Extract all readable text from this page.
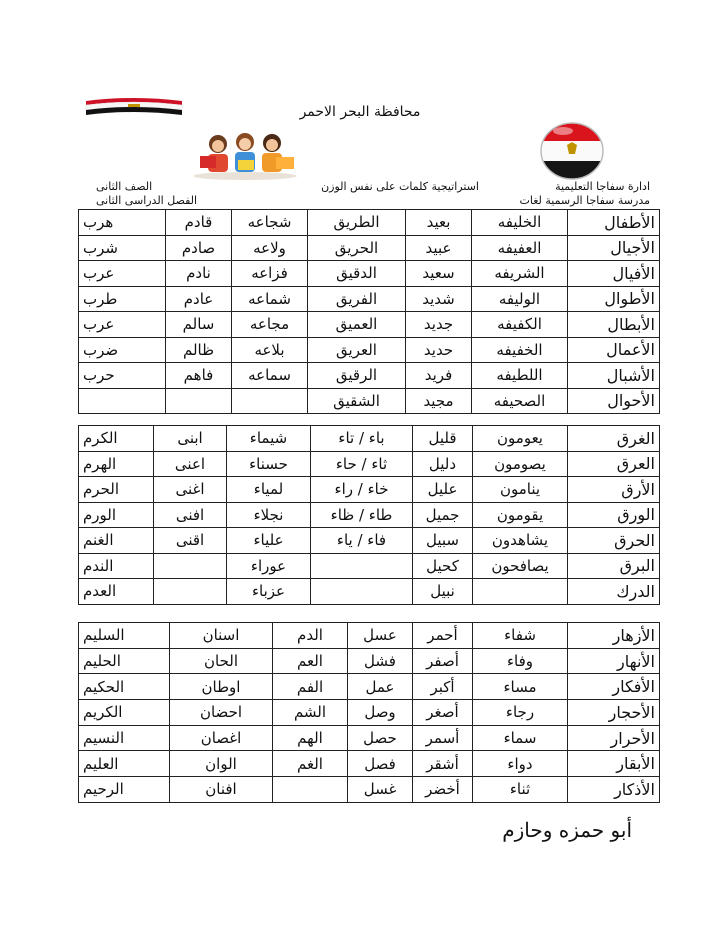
محافظة البحر الاحمر
ادارة سفاجا التعليمية
مدرسة سفاجا الرسمية لغات
استراتيجية كلمات على نفس الوزن
الصف الثانى
الفصل الدراسى الثانى
الأطفال	الخليفه	بعيد	الطريق	شجاعه	قادم	هرب
الأجيال	العفيفه	عبيد	الحريق	ولاعه	صادم	شرب
الأفيال	الشريفه	سعيد	الدقيق	فزاعه	نادم	عرب
الأطوال	الوليفه	شديد	الفريق	شماعه	عادم	طرب
الأبطال	الكفيفه	جديد	العميق	مجاعه	سالم	عرب
الأعمال	الخفيفه	حديد	العريق	بلاعه	ظالم	ضرب
الأشبال	اللطيفه	فريد	الرقيق	سماعه	فاهم	حرب
الأحوال	الصحيفه	مجيد	الشقيق			
الغرق	يعومون	قليل	باء / تاء	شيماء	ابنى	الكرم
العرق	يصومون	دليل	ثاء / حاء	حسناء	اعنى	الهرم
الأرق	ينامون	عليل	خاء / راء	لمياء	اغنى	الحرم
الورق	يقومون	جميل	طاء / ظاء	نجلاء	افنى	الورم
الحرق	يشاهدون	سبيل	فاء / ياء	علياء	اقنى	الغنم
البرق	يصافحون	كحيل		عوراء		الندم
الدرك		نبيل		عزباء		العدم
الأزهار	شفاء	أحمر	عسل	الدم	اسنان	السليم
الأنهار	وفاء	أصفر	فشل	العم	الحان	الحليم
الأفكار	مساء	أكبر	عمل	الفم	اوطان	الحكيم
الأحجار	رجاء	أصغر	وصل	الشم	احضان	الكريم
الأحرار	سماء	أسمر	حصل	الهم	اغصان	النسيم
الأبقار	دواء	أشقر	فصل	الغم	الوان	العليم
الأذكار	ثناء	أخضر	غسل		افنان	الرحيم
أبو حمزه وحازم
